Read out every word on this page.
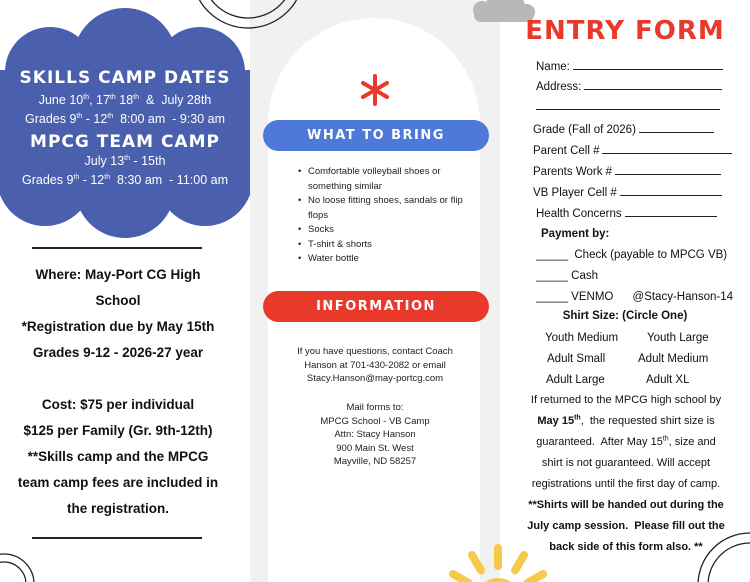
SKILLS CAMP DATES
June 10th, 17th 18th  &  July 28th
Grades 9th - 12th  8:00 am  - 9:30 am
MPCG TEAM CAMP
July 13th - 15th
Grades 9th - 12th  8:30 am  - 11:00 am
Where: May-Port CG High
School
*Registration due by May 15th
Grades 9-12 - 2026-27 year
Cost: $75 per individual
$125 per Family (Gr. 9th-12th)
**Skills camp and the MPCG
team camp fees are included in
the registration.
WHAT TO BRING
• Comfortable volleyball shoes or something similar
• No loose fitting shoes, sandals or flip flops
• Socks
• T-shirt & shorts
• Water bottle
INFORMATION
If you have questions, contact Coach
Hanson at 701-430-2082 or email
Stacy.Hanson@may-portcg.com
Mail forms to:
MPCG School - VB Camp
Attn: Stacy Hanson
900 Main St. West
Mayville, ND 58257
ENTRY FORM
Name:
Address:
Grade (Fall of 2026)
Parent Cell #
Parents Work #
VB Player Cell #
Health Concerns
Payment by:
_____  Check (payable to MPCG VB)
_____ Cash
_____ VENMO      @Stacy-Hanson-14
Shirt Size: (Circle One)
Youth Medium	Youth Large
Adult Small	Adult Medium
Adult Large	Adult XL
If returned to the MPCG high school by
May 15th,  the requested shirt size is
guaranteed.  After May 15th, size and
shirt is not guaranteed. Will accept
registrations until the first day of camp.
**Shirts will be handed out during the
July camp session.  Please fill out the
back side of this form also. **
